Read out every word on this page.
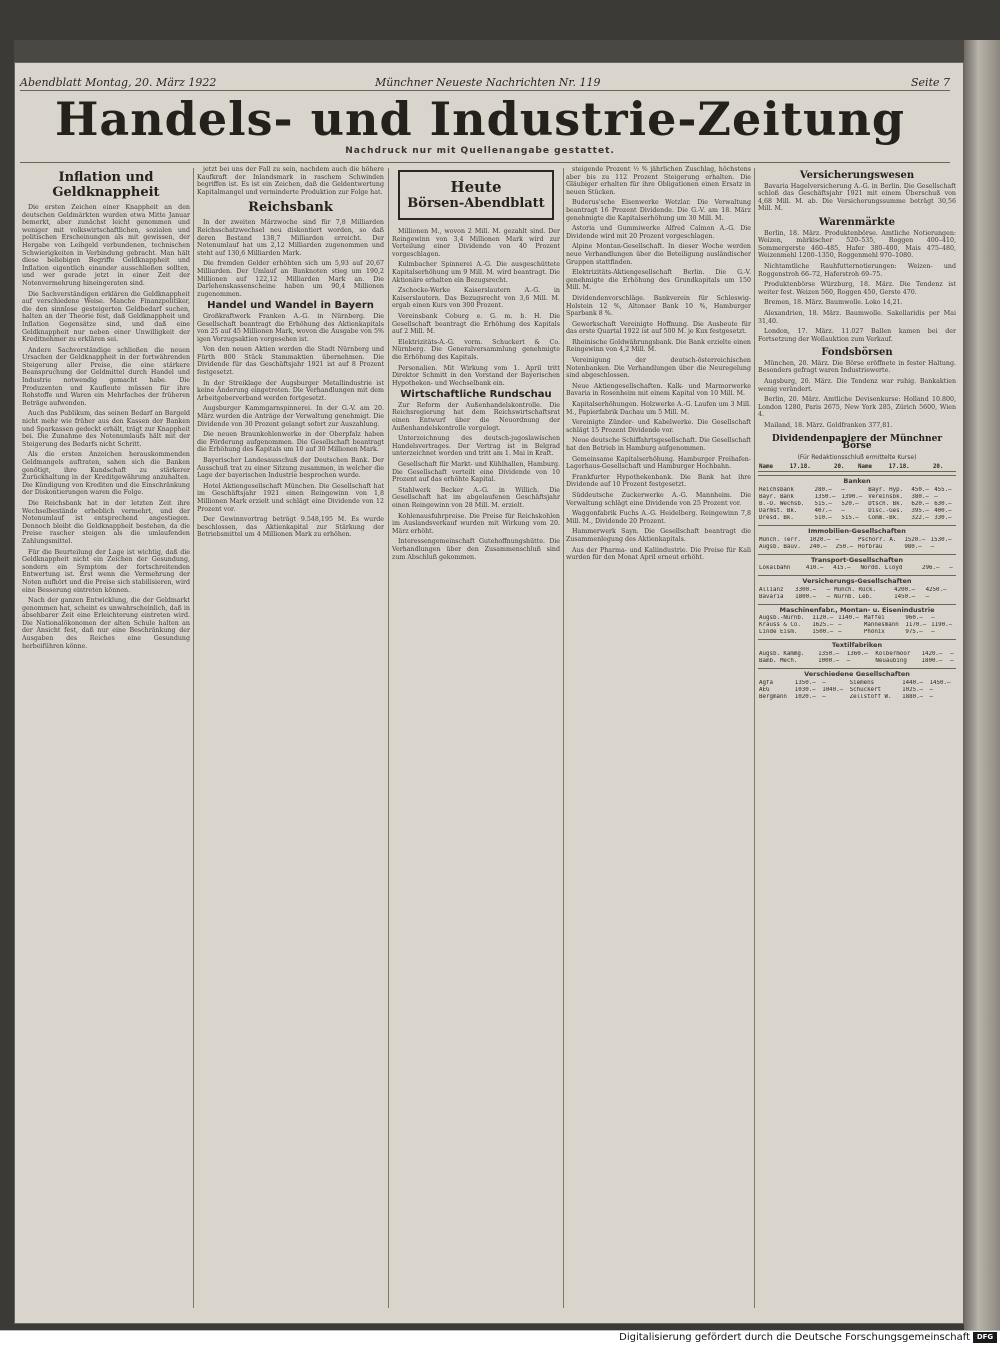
Abendblatt Montag, 20. März 1922	Münchner Neueste Nachrichten Nr. 119	Seite 7
Handels- und Industrie-Zeitung
Nachdruck nur mit Quellenangabe gestattet.
Inflation und Geldknappheit

Die ersten Zeichen einer Knappheit an den deutschen Geldmärkten wurden etwa Mitte Januar bemerkt, aber zunächst leicht genommen und weniger mit volkswirtschaftlichen, sozialen und politischen Erscheinungen als mit gewissen, der Hergabe von Leihgeld verbundenen, technischen Schwierigkeiten in Verbindung gebracht. Man hält diese beliebigen Begriffe Geldknappheit und Inflation eigentlich einander ausschließen sollten, und wer gerade jetzt in einer Zeit der Notenvermehrung hineingeraten sind.

Die Sachverständigen erklären die Geldknappheit auf verschiedene Weise. Manche Finanzpolitiker, die den sinnlose gesteigerten Geldbedarf suchen, halten an der Theorie fest, daß Geldknappheit und Inflation Gegensätze sind, und daß eine Geldknappheit nur neben einer Unwilligkeit der Kreditnehmer zu erklären sei.

Andere Sachverständige schließen die neuen Ursachen der Geldknappheit in der fortwährenden Steigerung aller Preise, die eine stärkere Beanspruchung der Geldmittel durch Handel und Industrie notwendig gemacht habe. Die Produzenten und Kaufleute müssen für ihre Rohstoffe und Waren ein Mehrfaches der früheren Beträge aufwenden.

Auch das Publikum, das seinen Bedarf an Bargeld nicht mehr wie früher aus den Kassen der Banken und Sparkassen gedeckt erhält, trägt zur Knappheit bei. Die Zunahme des Notenumlaufs hält mit der Steigerung des Bedarfs nicht Schritt.

Als die ersten Anzeichen herauskommenden Geldmangels auftraten, sahen sich die Banken genötigt, ihre Kundschaft zu stärkerer Zurückhaltung in der Kreditgewährung anzuhalten. Die Kündigung von Krediten und die Einschränkung der Diskontierungen waren die Folge.

Die Reichsbank hat in der letzten Zeit ihre Wechselbestände erheblich vermehrt, und der Notenumlauf ist entsprechend angestiegen. Dennoch bleibt die Geldknappheit bestehen, da die Preise rascher steigen als die umlaufenden Zahlungsmittel.

Für die Beurteilung der Lage ist wichtig, daß die Geldknappheit nicht ein Zeichen der Gesundung, sondern ein Symptom der fortschreitenden Entwertung ist. Erst wenn die Vermehrung der Noten aufhört und die Preise sich stabilisieren, wird eine Besserung eintreten können.

Nach der ganzen Entwicklung, die der Geldmarkt genommen hat, scheint es unwahrscheinlich, daß in absehbarer Zeit eine Erleichterung eintreten wird. Die Nationalökonomen der alten Schule halten an der Ansicht fest, daß nur eine Beschränkung der Ausgaben des Reiches eine Gesundung herbeiführen könne.

jetzt bei uns der Fall zu sein, nachdem auch die höhere Kaufkraft der Inlandsmark in raschem Schwinden begriffen ist. Es ist ein Zeichen, daß die Geldentwertung Kapitalmangel und verminderte Produktion zur Folge hat.

Reichsbank

In der zweiten Märzwoche sind für 7,8 Milliarden Reichsschatzwechsel neu diskontiert worden, so daß deren Bestand 138,7 Milliarden erreicht. Der Notenumlauf hat um 2,12 Milliarden zugenommen und steht auf 130,6 Milliarden Mark.

Die fremden Gelder erhöhten sich um 5,93 auf 20,67 Milliarden. Der Umlauf an Banknoten stieg um 190,2 Millionen auf 122,12 Milliarden Mark an. Die Darlehenskassenscheine haben um 90,4 Millionen zugenommen.

Handel und Wandel in Bayern

Großkraftwerk Franken A.-G. in Nürnberg. Die Gesellschaft beantragt die Erhöhung des Aktienkapitals von 25 auf 45 Millionen Mark, wovon die Ausgabe von 5% igen Vorzugsaktien vorgesehen ist.

Von den neuen Aktien werden die Stadt Nürnberg und Fürth 800 Stück Stammaktien übernehmen. Die Dividende für das Geschäftsjahr 1921 ist auf 8 Prozent festgesetzt.

In der Streiklage der Augsburger Metallindustrie ist keine Änderung eingetreten. Die Verhandlungen mit dem Arbeitgeberverband werden fortgesetzt.

Augsburger Kammgarnspinnerei. In der G.-V. am 20. März wurden die Anträge der Verwaltung genehmigt. Die Dividende von 30 Prozent gelangt sofort zur Auszahlung.

Die neuen Braunkohlenwerke in der Oberpfalz haben die Förderung aufgenommen. Die Gesellschaft beantragt die Erhöhung des Kapitals um 10 auf 30 Millionen Mark.

Bayerischer Landesausschuß der Deutschen Bank. Der Ausschuß trat zu einer Sitzung zusammen, in welcher die Lage der bayerischen Industrie besprochen wurde.

Hotel Aktiengesellschaft München. Die Gesellschaft hat im Geschäftsjahr 1921 einen Reingewinn von 1,8 Millionen Mark erzielt und schlägt eine Dividende von 12 Prozent vor.

Der Gewinnvortrag beträgt 9.548,195 M. Es wurde beschlossen, das Aktienkapital zur Stärkung der Betriebsmittel um 4 Millionen Mark zu erhöhen.

Heute
Börsen-Abendblatt

Millionen M., wovon 2 Mill. M. gezahlt sind. Der Reingewinn von 3,4 Millionen Mark wird zur Verteilung einer Dividende von 40 Prozent vorgeschlagen.

Kulmbacher Spinnerei A.-G. Die ausgeschüttete Kapitalserhöhung um 9 Mill. M. wird beantragt. Die Aktionäre erhalten ein Bezugsrecht.

Zschocke-Werke Kaiserslautern A.-G. in Kaiserslautern. Das Bezugsrecht von 3,6 Mill. M. ergab einen Kurs von 300 Prozent.

Vereinsbank Coburg e. G. m. b. H. Die Gesellschaft beantragt die Erhöhung des Kapitals auf 2 Mill. M.

Elektrizitäts-A.-G. vorm. Schuckert & Co. Nürnberg. Die Generalversammlung genehmigte die Erhöhung des Kapitals.

Personalien. Mit Wirkung vom 1. April tritt Direktor Schmitt in den Vorstand der Bayerischen Hypotheken- und Wechselbank ein.

Wirtschaftliche Rundschau

Zur Reform der Außenhandelskontrolle. Die Reichsregierung hat dem Reichswirtschaftsrat einen Entwurf über die Neuordnung der Außenhandelskontrolle vorgelegt.

Unterzeichnung des deutsch-jugoslawischen Handelsvertrages. Der Vertrag ist in Belgrad unterzeichnet worden und tritt am 1. Mai in Kraft.

Gesellschaft für Markt- und Kühlhallen, Hamburg. Die Gesellschaft verteilt eine Dividende von 10 Prozent auf das erhöhte Kapital.

Stahlwerk Becker A.-G. in Willich. Die Gesellschaft hat im abgelaufenen Geschäftsjahr einen Reingewinn von 28 Mill. M. erzielt.

Kohlenausfuhrpreise. Die Preise für Reichskohlen im Auslandsverkauf wurden mit Wirkung vom 20. März erhöht.

Interessengemeinschaft Gutehoffnungshütte. Die Verhandlungen über den Zusammenschluß sind zum Abschluß gekommen.

steigende Prozent ½ % jährlichen Zuschlag, höchstens aber bis zu 112 Prozent Steigerung erhalten. Die Gläubiger erhalten für ihre Obligationen einen Ersatz in neuen Stücken.

Buderus'sche Eisenwerke Wetzlar. Die Verwaltung beantragt 16 Prozent Dividende. Die G.-V. am 18. März genehmigte die Kapitalserhöhung um 30 Mill. M.

Astoria und Gummiwerke Alfred Calmon A.-G. Die Dividende wird mit 20 Prozent vorgeschlagen.

Alpine Montan-Gesellschaft. In dieser Woche werden neue Verhandlungen über die Beteiligung ausländischer Gruppen stattfinden.

Elektrizitäts-Aktiengesellschaft Berlin. Die G.-V. genehmigte die Erhöhung des Grundkapitals um 150 Mill. M.

Dividendenvorschläge. Bankverein für Schleswig-Holstein 12 %, Altonaer Bank 10 %, Hamburger Sparbank 8 %.

Gewerkschaft Vereinigte Hoffnung. Die Ausbeute für das erste Quartal 1922 ist auf 500 M. je Kux festgesetzt.

Rheinische Goldwährungsbank. Die Bank erzielte einen Reingewinn von 4,2 Mill. M.

Vereinigung der deutsch-österreichischen Notenbanken. Die Verhandlungen über die Neuregelung sind abgeschlossen.

Neue Aktiengesellschaften. Kalk- und Marmorwerke Bavaria in Rosenheim mit einem Kapital von 10 Mill. M.

Kapitalserhöhungen. Holzwerke A.-G. Laufen um 3 Mill. M., Papierfabrik Dachau um 5 Mill. M.

Vereinigte Zünder- und Kabelwerke. Die Gesellschaft schlägt 15 Prozent Dividende vor.

Neue deutsche Schiffahrtsgesellschaft. Die Gesellschaft hat den Betrieb in Hamburg aufgenommen.

Gemeinsame Kapitalserhöhung. Hamburger Freihafen-Lagerhaus-Gesellschaft und Hamburger Hochbahn.

Frankfurter Hypothekenbank. Die Bank hat ihre Dividende auf 10 Prozent festgesetzt.

Süddeutsche Zuckerwerke A.-G. Mannheim. Die Verwaltung schlägt eine Dividende von 25 Prozent vor.

Waggonfabrik Fuchs A.-G. Heidelberg. Reingewinn 7,8 Mill. M., Dividende 20 Prozent.

Hammerwerk Sayn. Die Gesellschaft beantragt die Zusammenlegung des Aktienkapitals.

Aus der Pharma- und Kaliindustrie. Die Preise für Kali wurden für den Monat April erneut erhöht.

Versicherungswesen

Bavaria Hagelversicherung A.-G. in Berlin. Die Gesellschaft schloß das Geschäftsjahr 1921 mit einem Überschuß von 4,68 Mill. M. ab. Die Versicherungssumme beträgt 30,56 Mill. M.

Warenmärkte

Berlin, 18. März. Produktenbörse. Amtliche Notierungen: Weizen, märkischer 520–535, Roggen 400–410, Sommergerste 460–485, Hafer 380–400, Mais 475–480, Weizenmehl 1200–1350, Roggenmehl 970–1080.

Nichtamtliche Rauhfutternotierungen: Weizen- und Roggenstroh 66–72, Haferstroh 69–75.

Produktenbörse Würzburg, 18. März. Die Tendenz ist weiter fest. Weizen 560, Roggen 450, Gerste 470.

Bremen, 18. März. Baumwolle. Loko 14,21.

Alexandrien, 18. März. Baumwolle. Sakellaridis per Mai 31,40.

London, 17. März. 11.027 Ballen kamen bei der Fortsetzung der Wollauktion zum Verkauf.

Fondsbörsen

München, 20. März. Die Börse eröffnete in fester Haltung. Besonders gefragt waren Industriewerte.

Augsburg, 20. März. Die Tendenz war ruhig. Bankaktien wenig verändert.

Berlin, 20. März. Amtliche Devisenkurse: Holland 10.800, London 1280, Paris 2675, New York 285, Zürich 5600, Wien 4.

Mailand, 18. März. Goldfranken 377,81.

Dividendenpapiere der Münchner Börse
(Für Redaktionsschluß ermittelte Kurse)
Name	17.18.	20.	Name	17.18.	20.
Banken
Reichsbank	280.—	—	Bayr. Hyp.	450.—	455.—
Bayr. Bank	1350.—	1390.—	Vereinsbk.	380.—	—
B.-O. Wechsb.	515.—	520.—	Dtsch. Bk.	620.—	630.—
Darmst. Bk.	407.—	—	Disc.-Ges.	395.—	400.—
Dresd. Bk.	510.—	515.—	Comm.-Bk.	322.—	330.—
Immobilien-Gesellschaften
Münch. Terr.	1020.—	—	Pschorr. A.	1520.—	1530.—
Augsb. Bauv.	240.—	250.—	Hofbräu	980.—	—
Transport-Gesellschaften
Lokalbahn	410.—	415.—	Nordd. Lloyd	296.—	—
Versicherungs-Gesellschaften
Allianz	3300.—	—	Münch. Rück.	4200.—	4250.—
Bavaria	1800.—	—	Nürnb. Leb.	1450.—	—
Maschinenfabr., Montan- u. Eisenindustrie
Augsb.-Nürnb.	1120.—	1140.—	Maffei	960.—	—
Krauss & Co.	1625.—	—	Mannesmann	1170.—	1190.—
Linde Eism.	1500.—	—	Phönix	975.—	—
Textilfabriken
Augsb. Kammg.	1350.—	1360.—	Kolbermoor	1420.—	—
Bamb. Mech.	1000.—	—	Neuaubing	1800.—	—
Verschiedene Gesellschaften
Agfa	1350.—	—	Siemens	1440.—	1450.—
AEG	1030.—	1040.—	Schuckert	1025.—	—
Bergmann	1020.—	—	Zellstoff W.	1880.—	—
Digitalisierung gefördert durch die Deutsche Forschungsgemeinschaft DFG
